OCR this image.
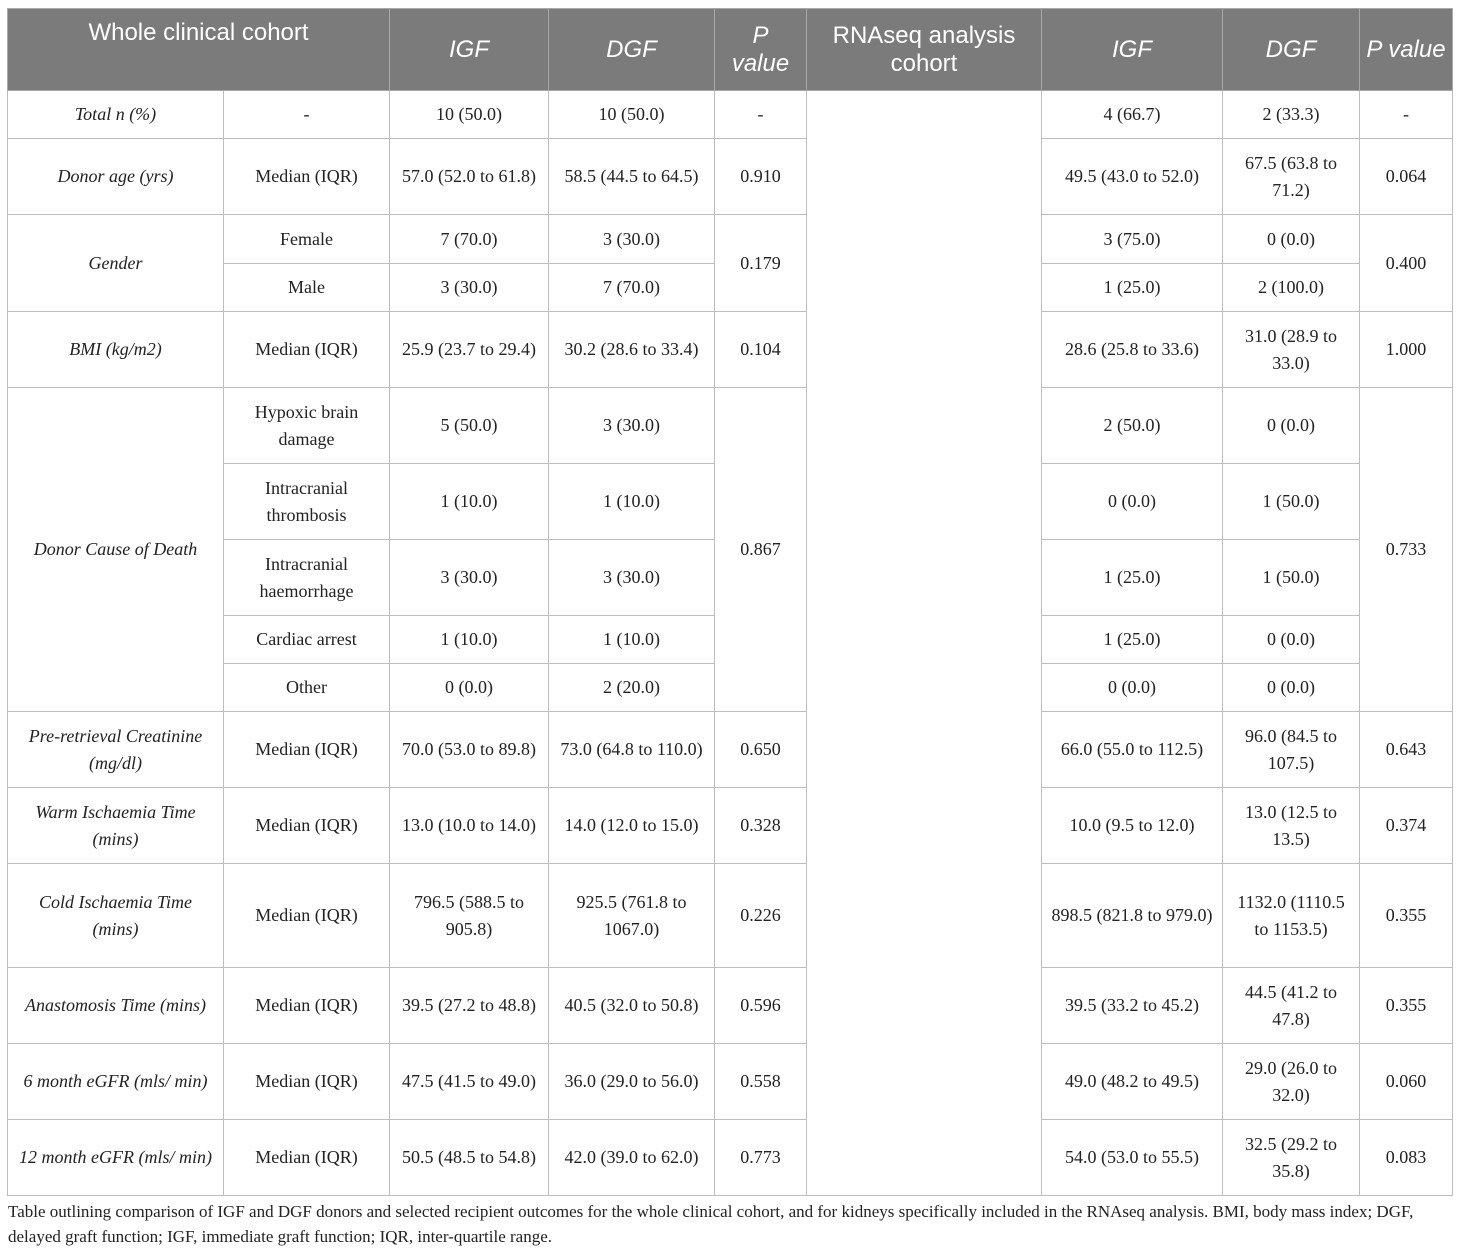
Whole clinical cohort		IGF	DGF	P value	RNAseq analysis cohort	IGF	DGF	P value
Total n (%)	-	10 (50.0)	10 (50.0)	-		4 (66.7)	2 (33.3)	-
Donor age (yrs)	Median (IQR)	57.0 (52.0 to 61.8)	58.5 (44.5 to 64.5)	0.910		49.5 (43.0 to 52.0)	67.5 (63.8 to 71.2)	0.064
Gender	Female	7 (70.0)	3 (30.0)	0.179		3 (75.0)	0 (0.0)	0.400
	Male	3 (30.0)	7 (70.0)			1 (25.0)	2 (100.0)	
BMI (kg/m2)	Median (IQR)	25.9 (23.7 to 29.4)	30.2 (28.6 to 33.4)	0.104		28.6 (25.8 to 33.6)	31.0 (28.9 to 33.0)	1.000
Donor Cause of Death	Hypoxic brain damage	5 (50.0)	3 (30.0)	0.867		2 (50.0)	0 (0.0)	0.733
	Intracranial thrombosis	1 (10.0)	1 (10.0)			0 (0.0)	1 (50.0)	
	Intracranial haemorrhage	3 (30.0)	3 (30.0)			1 (25.0)	1 (50.0)	
	Cardiac arrest	1 (10.0)	1 (10.0)			1 (25.0)	0 (0.0)	
	Other	0 (0.0)	2 (20.0)			0 (0.0)	0 (0.0)	
Pre-retrieval Creatinine (mg/dl)	Median (IQR)	70.0 (53.0 to 89.8)	73.0 (64.8 to 110.0)	0.650		66.0 (55.0 to 112.5)	96.0 (84.5 to 107.5)	0.643
Warm Ischaemia Time (mins)	Median (IQR)	13.0 (10.0 to 14.0)	14.0 (12.0 to 15.0)	0.328		10.0 (9.5 to 12.0)	13.0 (12.5 to 13.5)	0.374
Cold Ischaemia Time (mins)	Median (IQR)	796.5 (588.5 to 905.8)	925.5 (761.8 to 1067.0)	0.226		898.5 (821.8 to 979.0)	1132.0 (1110.5 to 1153.5)	0.355
Anastomosis Time (mins)	Median (IQR)	39.5 (27.2 to 48.8)	40.5 (32.0 to 50.8)	0.596		39.5 (33.2 to 45.2)	44.5 (41.2 to 47.8)	0.355
6 month eGFR (mls/ min)	Median (IQR)	47.5 (41.5 to 49.0)	36.0 (29.0 to 56.0)	0.558		49.0 (48.2 to 49.5)	29.0 (26.0 to 32.0)	0.060
12 month eGFR (mls/ min)	Median (IQR)	50.5 (48.5 to 54.8)	42.0 (39.0 to 62.0)	0.773		54.0 (53.0 to 55.5)	32.5 (29.2 to 35.8)	0.083

Table outlining comparison of IGF and DGF donors and selected recipient outcomes for the whole clinical cohort, and for kidneys specifically included in the RNAseq analysis. BMI, body mass index; DGF, delayed graft function; IGF, immediate graft function; IQR, inter-quartile range.
